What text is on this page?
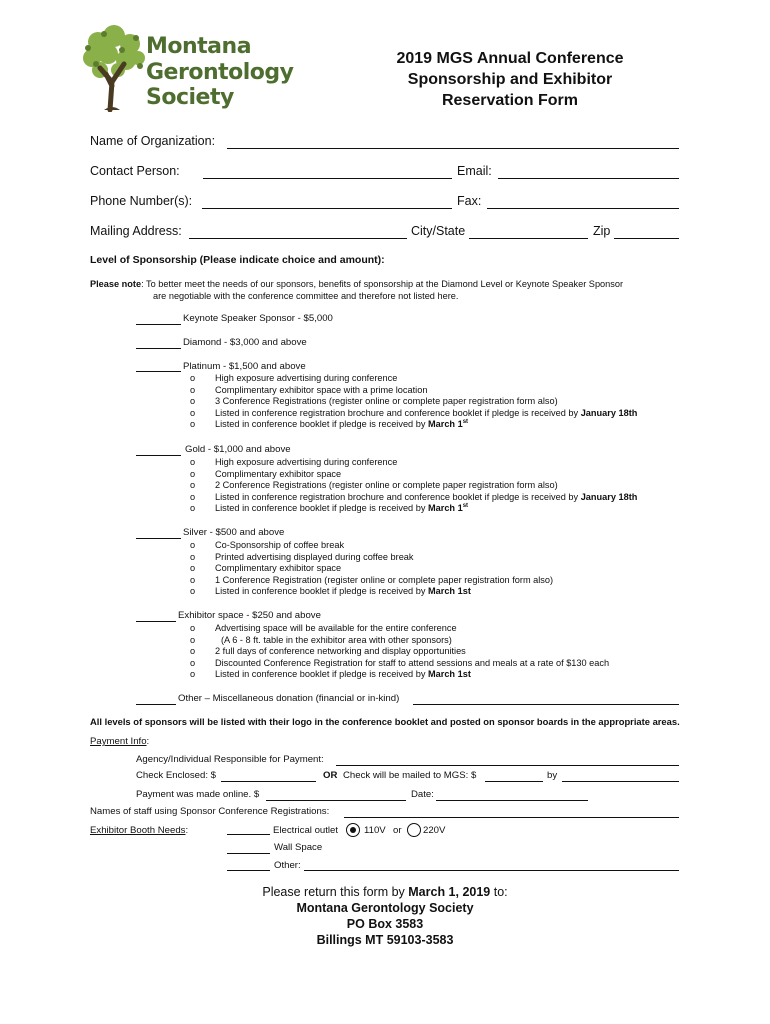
Montana
Gerontology
Society
2019 MGS Annual Conference
Sponsorship and Exhibitor
Reservation Form
Name of Organization:
Contact Person:	Email:
Phone Number(s):	Fax:
Mailing Address:	City/State	Zip
Level of Sponsorship (Please indicate choice and amount):
Please note: To better meet the needs of our sponsors, benefits of sponsorship at the Diamond Level or Keynote Speaker Sponsor
are negotiable with the conference committee and therefore not listed here.
Keynote Speaker Sponsor - $5,000
Diamond - $3,000 and above
Platinum - $1,500 and above
o High exposure advertising during conference
o Complimentary exhibitor space with a prime location
o 3 Conference Registrations (register online or complete paper registration form also)
o Listed in conference registration brochure and conference booklet if pledge is received by January 18th
o Listed in conference booklet if pledge is received by March 1st
Gold - $1,000 and above
o High exposure advertising during conference
o Complimentary exhibitor space
o 2 Conference Registrations (register online or complete paper registration form also)
o Listed in conference registration brochure and conference booklet if pledge is received by January 18th
o Listed in conference booklet if pledge is received by March 1st
Silver - $500 and above
o Co-Sponsorship of coffee break
o Printed advertising displayed during coffee break
o Complimentary exhibitor space
o 1 Conference Registration (register online or complete paper registration form also)
o Listed in conference booklet if pledge is received by March 1st
Exhibitor space - $250 and above
o Advertising space will be available for the entire conference
o	(A 6 - 8 ft. table in the exhibitor area with other sponsors)
o 2 full days of conference networking and display opportunities
o Discounted Conference Registration for staff to attend sessions and meals at a rate of $130 each
o Listed in conference booklet if pledge is received by March 1st
Other – Miscellaneous donation (financial or in-kind)
All levels of sponsors will be listed with their logo in the conference booklet and posted on sponsor boards in the appropriate areas.
Payment Info:
Agency/Individual Responsible for Payment:
Check Enclosed: $	OR Check will be mailed to MGS: $	by
Payment was made online. $	Date:
Names of staff using Sponsor Conference Registrations:
Exhibitor Booth Needs:	Electrical outlet	110V or 220V
Wall Space
Other:
Please return this form by March 1, 2019 to:
Montana Gerontology Society
PO Box 3583
Billings MT 59103-3583
